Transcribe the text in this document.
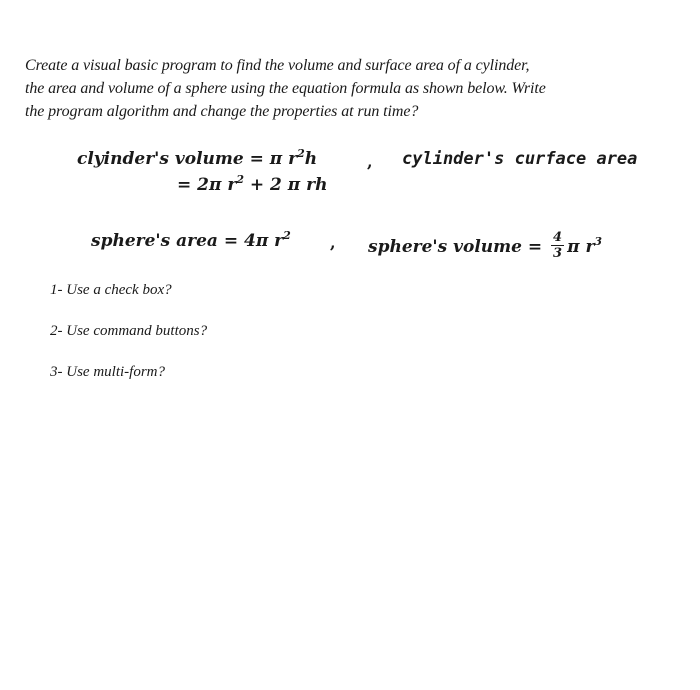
Create a visual basic program to find the volume and surface area of a cylinder,
the area and volume of a sphere using the equation formula as shown below. Write
the program algorithm and change the properties at run time?
clyinder's volume = π $r^2h$	, cylinder's curface area
= 2π $r^2 + 2$ π rh
sphere's area = 4π $r^2$ , sphere's volume = $\frac{4}{3}$ π $r^3$
1- Use a check box?
2- Use command buttons?
3- Use multi-form?
